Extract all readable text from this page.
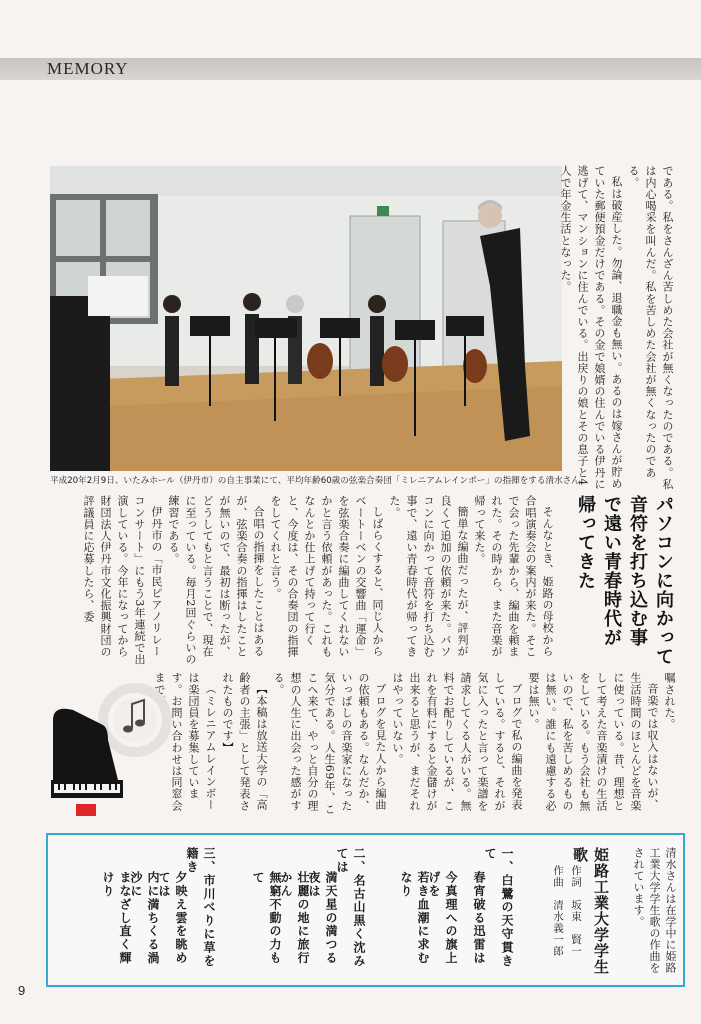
MEMORY
平成20年2月9日、いたみホール（伊丹市）の自主事業にて、平均年齢60歳の弦楽合奏団「ミレニアムレインボー」の指揮をする清水さん。	である。私をさんざん苦しめた会社が無くなったのである。私は内心喝采を叫んだ。私を苦しめた会社が無くなったのである。

私は破産した。勿論、退職金も無い。あるのは嫁さんが貯めていた郵便預金だけである。その金で娘婿の住んでいる伊丹に逃げて、マンションに住んでいる。出戻りの娘とその息子と4人で年金生活となった。

パソコンに向かって
音符を打ち込む事
で遠い青春時代が
帰ってきた

嘱された。

音楽では収入はないが、生活時間のほとんどを音楽に使っている。昔、理想として考えた音楽漬けの生活をしている。もう会社も無いので、私を苦しめるものは無い。誰にも遠慮する必要は無い。

ブログで私の編曲を発表している。すると、それが気に入ったと言って楽譜を請求してくる人がいる。無料でお配りしているが、これを有料にすると金儲けが出来ると思うが、まだそれはやっていない。

ブログを見た人から編曲の依頼もある。なんだか、いっぱしの音楽家になった気分である。人生69年、ここへ来て、やっと自分の理想の人生に出会った感がする。

【本稿は放送大学の「高齢者の主張」として発表されたものです】

（ミレニアムレインボーは楽団員を募集しています。お問い合わせは同窓会まで）

そんなとき、姫路の母校から合唱演奏会の案内が来た。そこで会った先輩から、編曲を頼まれた。その時から、また音楽が帰って来た。

簡単な編曲だったが、評判が良くて追加の依頼が来た。パソコンに向かって音符を打ち込む事で、遠い青春時代が帰ってきた。

しばらくすると、同じ人からベートーベンの交響曲「運命」を弦楽合奏に編曲してくれないかと言う依頼があった。これもなんとか仕上げて持って行くと、今度は、その合奏団の指揮をしてくれと言う。

合唱の指揮をしたことはあるが、弦楽合奏の指揮はしたことが無いので、最初は断ったが、どうしてもと言うことで、現在に至っている。毎月2回ぐらいの練習である。

伊丹市の「市民ピアノリレーコンサート」にもう3年連続で出演している。今年になってから財団法人伊丹市文化振興財団の評議員に応募したら、委

清水さんは在学中に姫路工業大学学生歌の作曲をされています。
姫路工業大学学生歌
作詞　坂東　賢一
作曲　清水義一郎
一、白鷺の天守貫きて
春宵破る迅雷は
今真理への旗上げを
若き血潮に求むなり
二、名古山黒く沈みては
満天星の満つる夜は
壮麗の地に旅行かん
無窮不動の力もて
三、市川べりに草を籍き
夕映え雲を眺めては
内に満ちくる渦沙に
まなざし直く輝けり
9
